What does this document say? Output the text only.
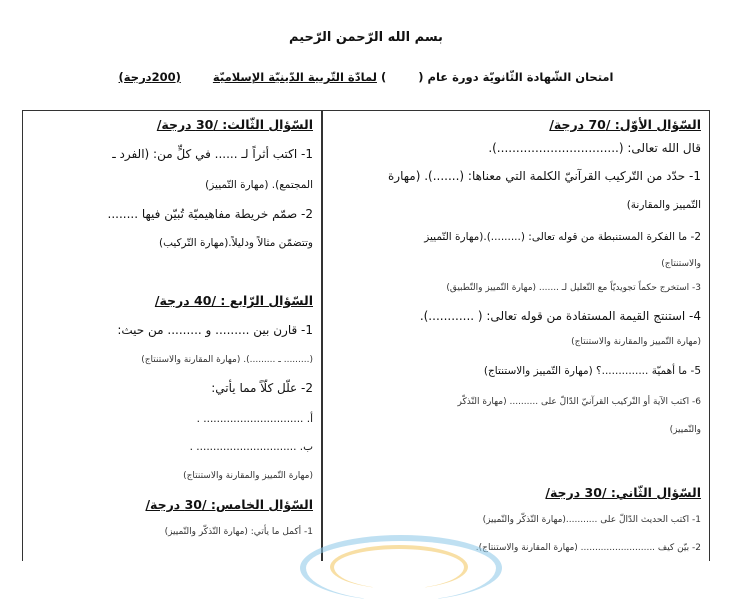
بسم الله الرّحمن الرّحيم
امتحان الشّهادة الثّانويّة دورة عام (  ) لمادّة التّربية الدّينيّة الإسلاميّة  (200درجة)
السّؤال الأوّل: /70 درجة/
قال الله تعالى: (................................).
1- حدّد من التّركيب القرآنيّ الكلمة التي معناها: (.......). (مهارة
التّمييز والمقارنة)
2- ما الفكرة المستنبطة من قوله تعالى: (.........).(مهارة التّمييز
والاستنتاج)
3- استخرج حكماً تجويديّاً مع التّعليل لـ ....... (مهارة التّمييز والتّطبيق)
4- استنتج القيمة المستفادة من قوله تعالى: ( ............).
(مهارة التّمييز والمقارنة والاستنتاج)
5- ما أهميّة ..............؟ (مهارة التّمييز والاستنتاج)
6- اكتب الآية أو التّركيب القرآنيّ الدّالّ على .......... (مهارة التّذكّر
والتّمييز)
السّؤال الثّاني: /30 درجة/
1- اكتب الحديث الدّالّ على ...........(مهارة التّذكّر والتّمييز)
2- بيّن كيف .......................... (مهارة المقارنة والاستنتاج).
السّؤال الثّالث: /30 درجة/
1- اكتب أثراً لـ ...... في كلٍّ من: (الفرد ـ
المجتمع). (مهارة التّمييز)
2- صمّم خريطة مفاهيميّة تُبيّن فيها ........
وتتضمّن مثالاً ودليلاً.(مهارة التّركيب)
السّؤال الرّابع : /40 درجة/
1- قارن بين ......... و ......... من حيث:
(......... ـ .........). (مهارة المقارنة والاستنتاج)
2- علّل كلّاً مما يأتي:
أ. .............................. .
ب. .............................. .
(مهارة التّمييز والمقارنة والاستنتاج)
السّؤال الخامس: /30 درجة/
1- أكمل ما يأتي: (مهارة التّذكّر والتّمييز)
